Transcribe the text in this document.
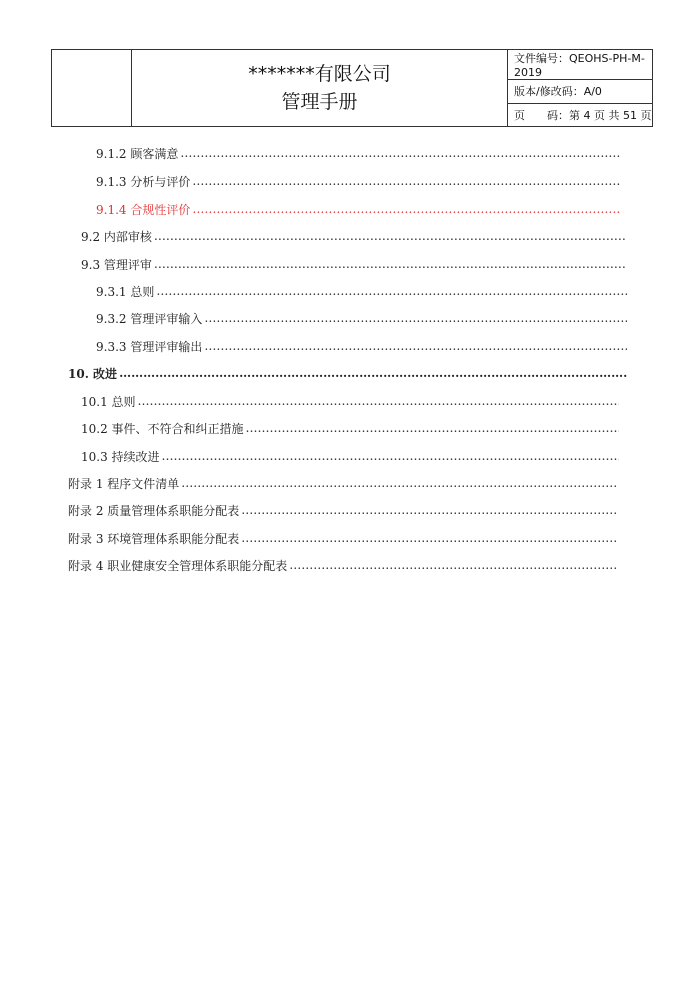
*******有限公司
管理手册
文件编号：QEOHS-PH-M-2019
版本/修改码：A/0
页　　码：第 4 页 共 51 页
9.1.2 顾客满意
…………………………………………………………………………………………………………………………………………………………
9.1.3 分析与评价
…………………………………………………………………………………………………………………………………………………………
9.1.4 合规性评价
…………………………………………………………………………………………………………………………………………………………
9.2 内部审核
…………………………………………………………………………………………………………………………………………………………
9.3 管理评审
…………………………………………………………………………………………………………………………………………………………
9.3.1 总则
…………………………………………………………………………………………………………………………………………………………
9.3.2 管理评审输入
…………………………………………………………………………………………………………………………………………………………
9.3.3 管理评审输出
…………………………………………………………………………………………………………………………………………………………
10. 改进
…………………………………………………………………………………………………………………………………………………………
10.1 总则
…………………………………………………………………………………………………………………………………………………………
10.2 事件、不符合和纠正措施
…………………………………………………………………………………………………………………………………………………………
10.3 持续改进
…………………………………………………………………………………………………………………………………………………………
附录 1 程序文件清单
…………………………………………………………………………………………………………………………………………………………
附录 2 质量管理体系职能分配表
…………………………………………………………………………………………………………………………………………………………
附录 3 环境管理体系职能分配表
…………………………………………………………………………………………………………………………………………………………
附录 4 职业健康安全管理体系职能分配表
…………………………………………………………………………………………………………………………………………………………
